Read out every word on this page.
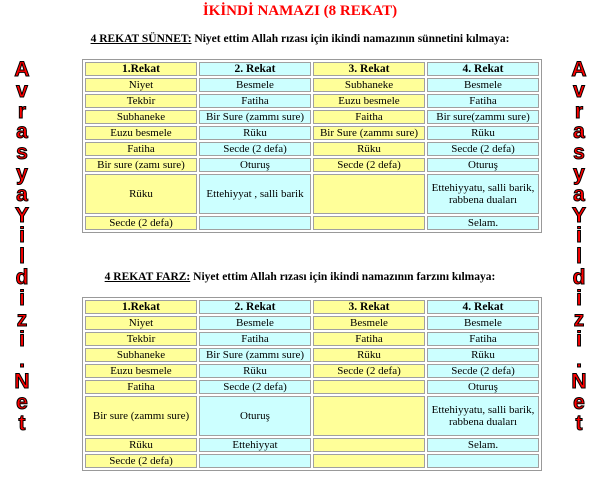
İKİNDİ NAMAZI (8 REKAT)
A
v
r
a
s
y
a
Y
i
l
d
i
z
i
.
N
e
t
A
v
r
a
s
y
a
Y
i
l
d
i
z
i
.
N
e
t
4 REKAT SÜNNET: Niyet ettim Allah rızası için ikindi namazının sünnetini kılmaya:
1.Rekat	2. Rekat	3. Rekat	4. Rekat
Niyet	Besmele	Subhaneke	Besmele
Tekbir	Fatiha	Euzu besmele	Fatiha
Subhaneke	Bir Sure (zammı sure)	Faitha	Bir sure(zammı sure)
Euzu besmele	Rüku	Bir Sure (zammı sure)	Rüku
Fatiha	Secde (2 defa)	Rüku	Secde (2 defa)
Bir sure (zamı sure)	Oturuş	Secde (2 defa)	Oturuş
Rüku	Ettehiyyat , salli barik		Ettehiyyatu, salli barik, rabbena duaları
Secde (2 defa)			Selam.
4 REKAT FARZ: Niyet ettim Allah rızası için ikindi namazının farzını kılmaya:
1.Rekat	2. Rekat	3. Rekat	4. Rekat
Niyet	Besmele	Besmele	Besmele
Tekbir	Fatiha	Fatiha	Fatiha
Subhaneke	Bir Sure (zammı sure)	Rüku	Rüku
Euzu besmele	Rüku	Secde (2 defa)	Secde (2 defa)
Fatiha	Secde (2 defa)		Oturuş
Bir sure (zammı sure)	Oturuş		Ettehiyyatu, salli barik, rabbena duaları
Rüku	Ettehiyyat		Selam.
Secde (2 defa)			
